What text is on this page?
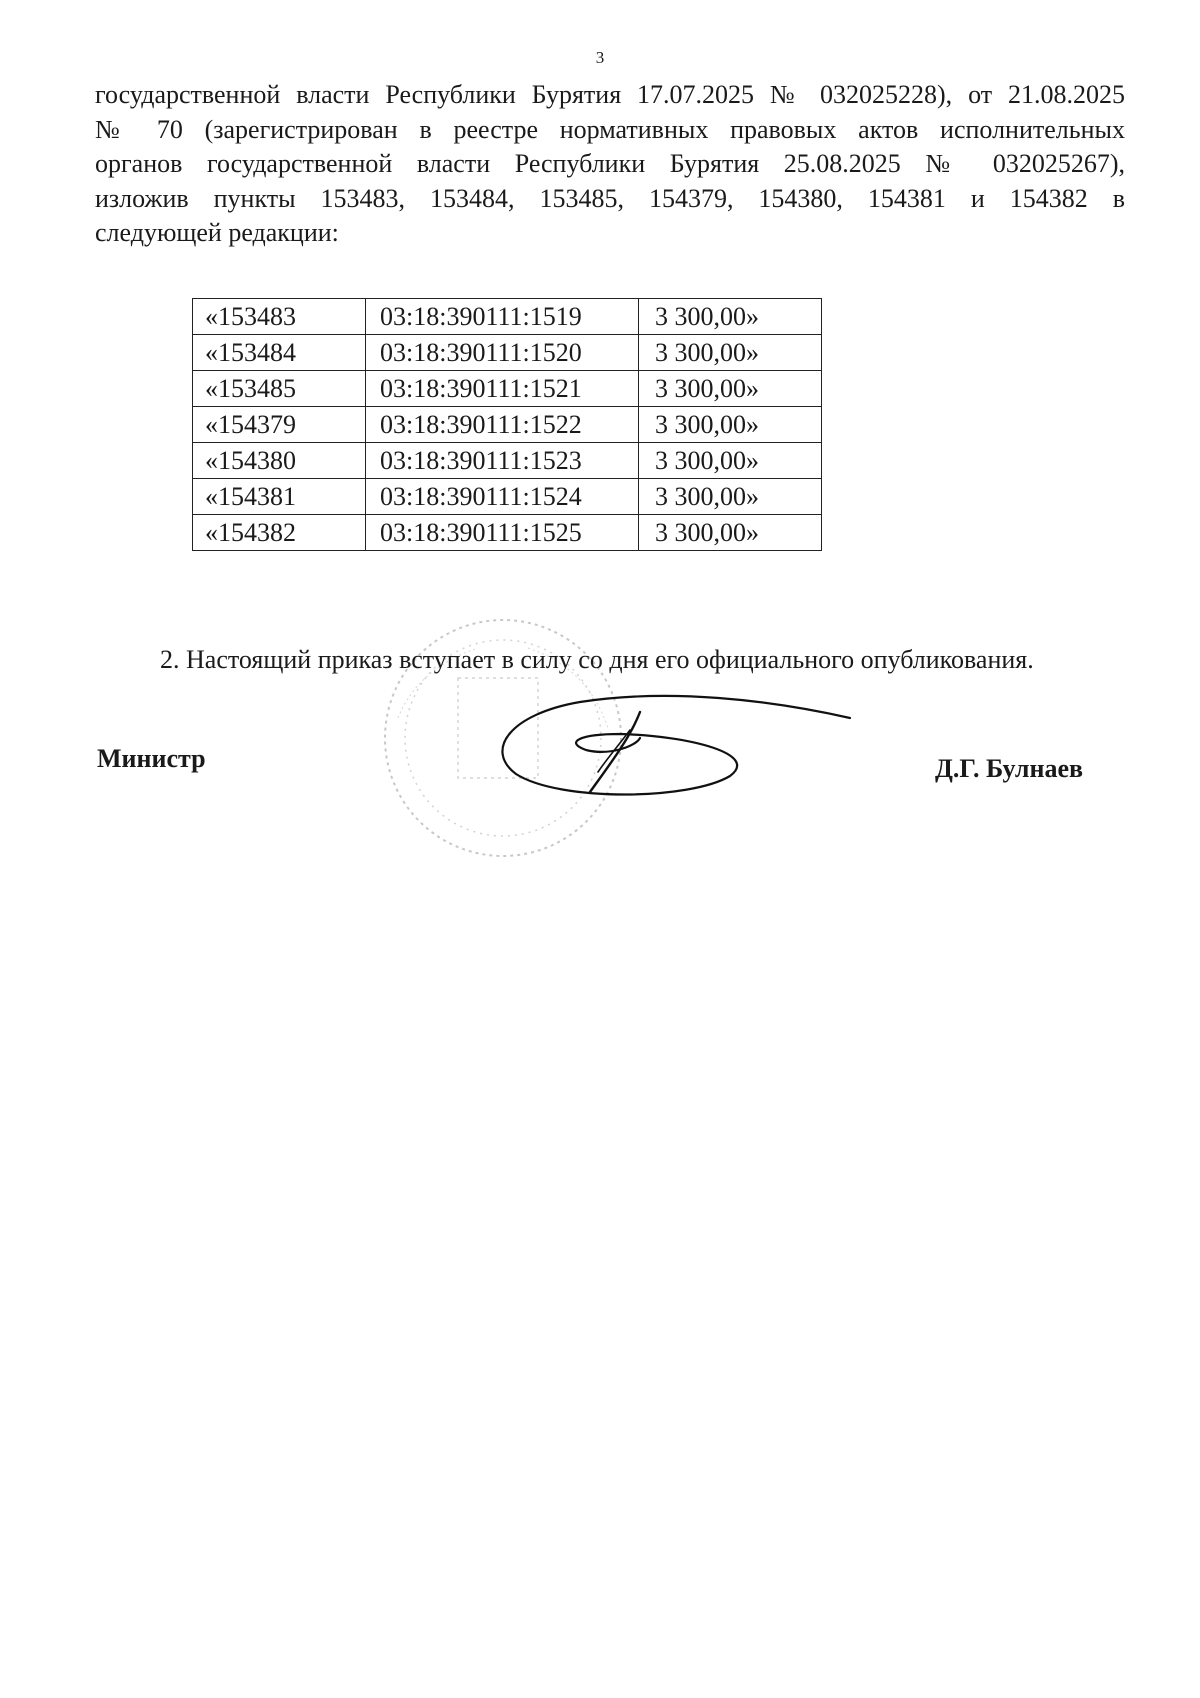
3
государственной власти Республики Бурятия 17.07.2025 № 032025228), от 21.08.2025
№ 70 (зарегистрирован в реестре нормативных правовых актов исполнительных
органов государственной власти Республики Бурятия 25.08.2025 № 032025267),
изложив пункты 153483, 153484, 153485, 154379, 154380, 154381 и 154382 в
следующей редакции:
«153483	03:18:390111:1519	3 300,00»
«153484	03:18:390111:1520	3 300,00»
«153485	03:18:390111:1521	3 300,00»
«154379	03:18:390111:1522	3 300,00»
«154380	03:18:390111:1523	3 300,00»
«154381	03:18:390111:1524	3 300,00»
«154382	03:18:390111:1525	3 300,00»
2. Настоящий приказ вступает в силу со дня его официального опубликования.
Министр	Д.Г. Булнаев
